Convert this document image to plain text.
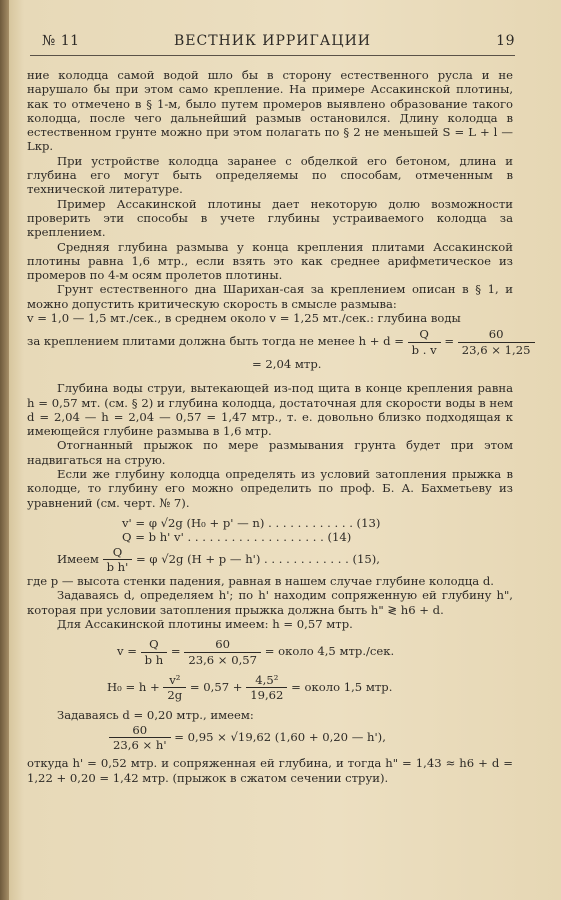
№ 11	ВЕСТНИК ИРРИГАЦИИ	19

ние колодца самой водой шло бы в сторону естественного русла и не нарушало бы при этом само крепление. На примере Ассакинской плотины, как то отмечено в § 1-м, было путем промеров выявлено образование такого колодца, после чего дальнейший размыв остановился. Длину колодца в естественном грунте можно при этом полагать по § 2 не меньшей S = L + l — Lкр.

При устройстве колодца заранее с обделкой его бетоном, длина и глубина его могут быть определяемы по способам, отмеченным в технической литературе.

Пример Ассакинской плотины дает некоторую долю возможности проверить эти способы в учете глубины устраиваемого колодца за креплением.

Средняя глубина размыва у конца крепления плитами Ассакинской плотины равна 1,6 мтр., если взять это как среднее арифметическое из промеров по 4-м осям пролетов плотины.

Грунт естественного дна Шарихан-сая за креплением описан в § 1, и можно допустить критическую скорость в смысле размыва:

v = 1,0 — 1,5 мт./сек., в среднем около v = 1,25 мт./сек.: глубина воды

за креплением плитами должна быть тогда не менее $h + d = \frac{Q}{b . v} = \frac{60}{23,6 \times 1,25}$
= 2,04 мтр.

Глубина воды струи, вытекающей из-под щита в конце крепления равна h = 0,57 мт. (см. § 2) и глубина колодца, достаточная для скорости воды в нем d = 2,04 — h = 2,04 — 0,57 = 1,47 мтр., т. е. довольно близко подходящая к имеющейся глубине размыва в 1,6 мтр.

Отогнанный прыжок по мере размывания грунта будет при этом надвигаться на струю.

Если же глубину колодца определять из условий затопления прыжка в колодце, то глубину его можно определить по проф. Б. А. Бахметьеву из уравнений (см. черт. № 7).

v' = φ √2g (H₀ + p' — n) . . . . . . . . . . . . (13)
Q = b h' v' . . . . . . . . . . . . . . . . . . . (14)
Имеем $\frac{Q}{\text{b h'}} = \varphi$ √2g (H + p — h') . . . . . . . . . . . . (15),

где p — высота стенки падения, равная в нашем случае глубине колодца d.

Задаваясь d, определяем h'; по h' находим сопряженную ей глубину h", которая при условии затопления прыжка должна быть h" ≷ h6 + d.

Для Ассакинской плотины имеем: h = 0,57 мтр.

$v = \frac{Q}{\text{b h}} = \frac{60}{23,6 \times 0,57}$ = около 4,5 мтр./сек.
$H_0 = h + \frac{\text{v²}}{2g} = 0,57 + \frac{\text{4,5²}}{19,62}$ = около 1,5 мтр.

Задаваясь d = 0,20 мтр., имеем:

$\frac{60}{23,6 \times h'} = 0,95 \times √19,62$ (1,60 + 0,20 — h'),

откуда h' = 0,52 мтр. и сопряженная ей глубина, и тогда h" = 1,43 ≈ h6 + d = 1,22 + 0,20 = 1,42 мтр. (прыжок в сжатом сечении струи).
